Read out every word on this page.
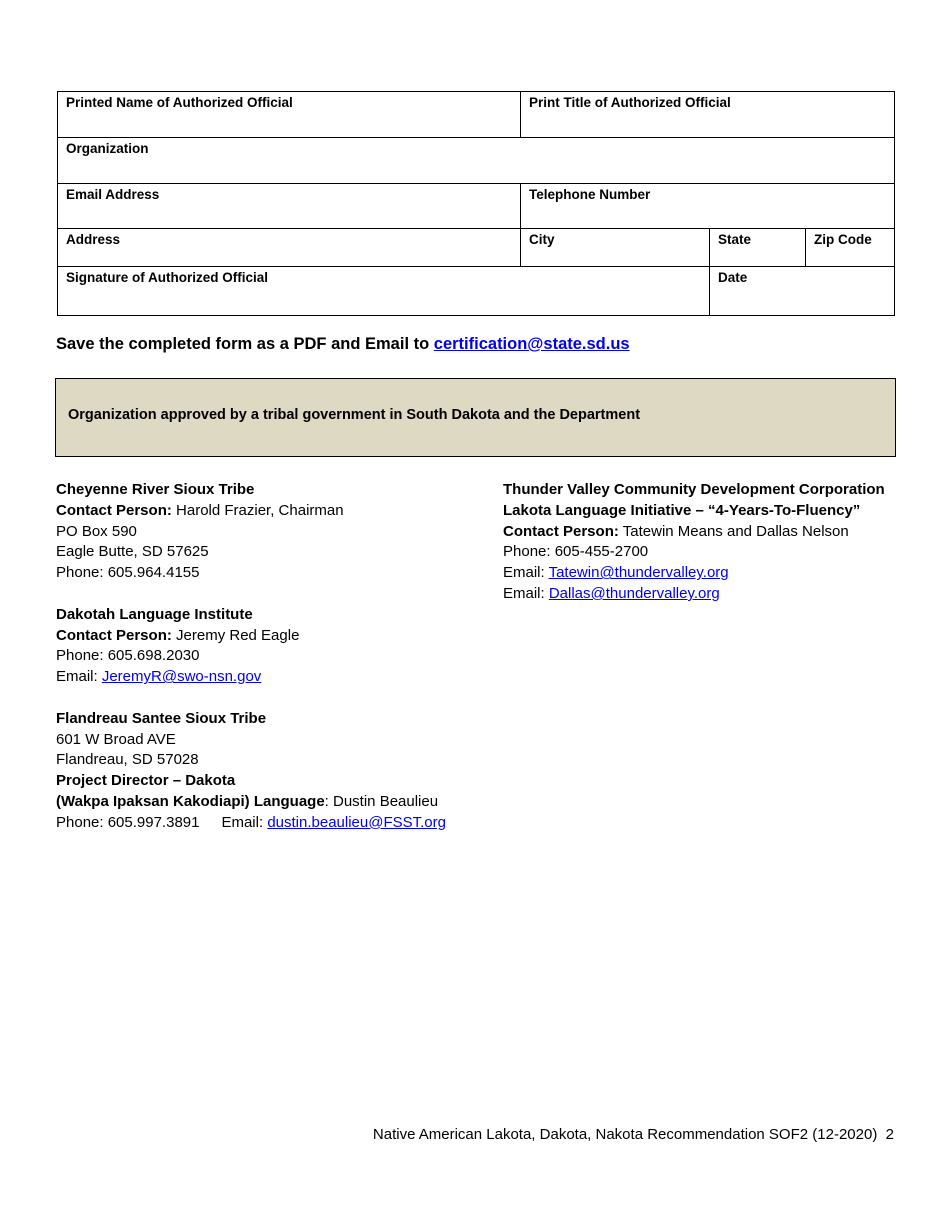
Printed Name of Authorized Official	Print Title of Authorized Official		
Organization			
Email Address	Telephone Number		
Address	City	State	Zip Code
Signature of Authorized Official		Date	
Save the completed form as a PDF and Email to certification@state.sd.us
Organization approved by a tribal government in South Dakota and the Department
Cheyenne River Sioux Tribe
Contact Person: Harold Frazier, Chairman
PO Box 590
Eagle Butte, SD 57625
Phone: 605.964.4155
Dakotah Language Institute
Contact Person: Jeremy Red Eagle
Phone: 605.698.2030
Email: JeremyR@swo-nsn.gov
Flandreau Santee Sioux Tribe
601 W Broad AVE
Flandreau, SD 57028
Project Director – Dakota
(Wakpa Ipaksan Kakodiapi) Language: Dustin Beaulieu
Phone: 605.997.3891 Email: dustin.beaulieu@FSST.org
Thunder Valley Community Development Corporation
Lakota Language Initiative – “4-Years-To-Fluency”
Contact Person: Tatewin Means and Dallas Nelson
Phone: 605-455-2700
Email: Tatewin@thundervalley.org
Email: Dallas@thundervalley.org
Native American Lakota, Dakota, Nakota Recommendation SOF2 (12-2020) 2
